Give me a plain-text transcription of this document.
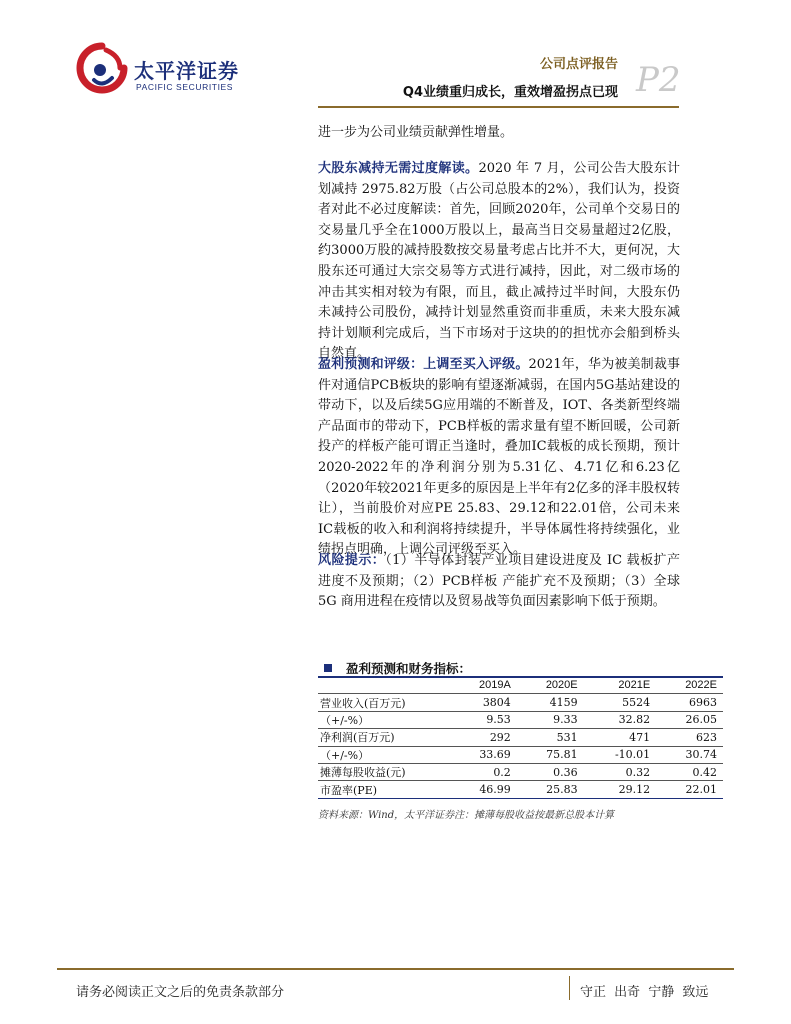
太平洋证券
PACIFIC SECURITIES
公司点评报告
Q4业绩重归成长，重效增盈拐点已现 P2
进一步为公司业绩贡献弹性增量。
大股东减持无需过度解读。2020 年 7 月，公司公告大股东计划减持 2975.82万股（占公司总股本的2%），我们认为，投资者对此不必过度解读：首先，回顾2020年，公司单个交易日的交易量几乎全在1000万股以上，最高当日交易量超过2亿股，约3000万股的减持股数按交易量考虑占比并不大，更何况，大股东还可通过大宗交易等方式进行减持，因此，对二级市场的冲击其实相对较为有限，而且，截止减持过半时间，大股东仍未减持公司股份，减持计划显然重资而非重质，未来大股东减持计划顺利完成后，当下市场对于这块的的担忧亦会船到桥头自然直。
盈利预测和评级：上调至买入评级。2021年，华为被美制裁事件对通信PCB板块的影响有望逐渐减弱，在国内5G基站建设的带动下，以及后续5G应用端的不断普及，IOT、各类新型终端产品面市的带动下，PCB样板的需求量有望不断回暖，公司新投产的样板产能可谓正当逢时，叠加IC载板的成长预期，预计2020-2022年的净利润分别为5.31亿、4.71亿和6.23亿（2020年较2021年更多的原因是上半年有2亿多的泽丰股权转让），当前股价对应PE 25.83、29.12和22.01倍，公司未来IC载板的收入和利润将持续提升，半导体属性将持续强化，业绩拐点明确，上调公司评级至买入。
风险提示：（1）半导体封装产业项目建设进度及 IC 载板扩产进度不及预期；（2）PCB样板 产能扩充不及预期；（3）全球 5G 商用进程在疫情以及贸易战等负面因素影响下低于预期。
盈利预测和财务指标：
	2019A	2020E	2021E	2022E
营业收入(百万元)	3804	4159	5524	6963
（+/-%）	9.53	9.33	32.82	26.05
净利润(百万元)	292	531	471	623
（+/-%）	33.69	75.81	-10.01	30.74
摊薄每股收益(元)	0.2	0.36	0.32	0.42
市盈率(PE)	46.99	25.83	29.12	22.01
资料来源：Wind，太平洋证券注：摊薄每股收益按最新总股本计算
请务必阅读正文之后的免责条款部分	守正 出奇 宁静 致远
